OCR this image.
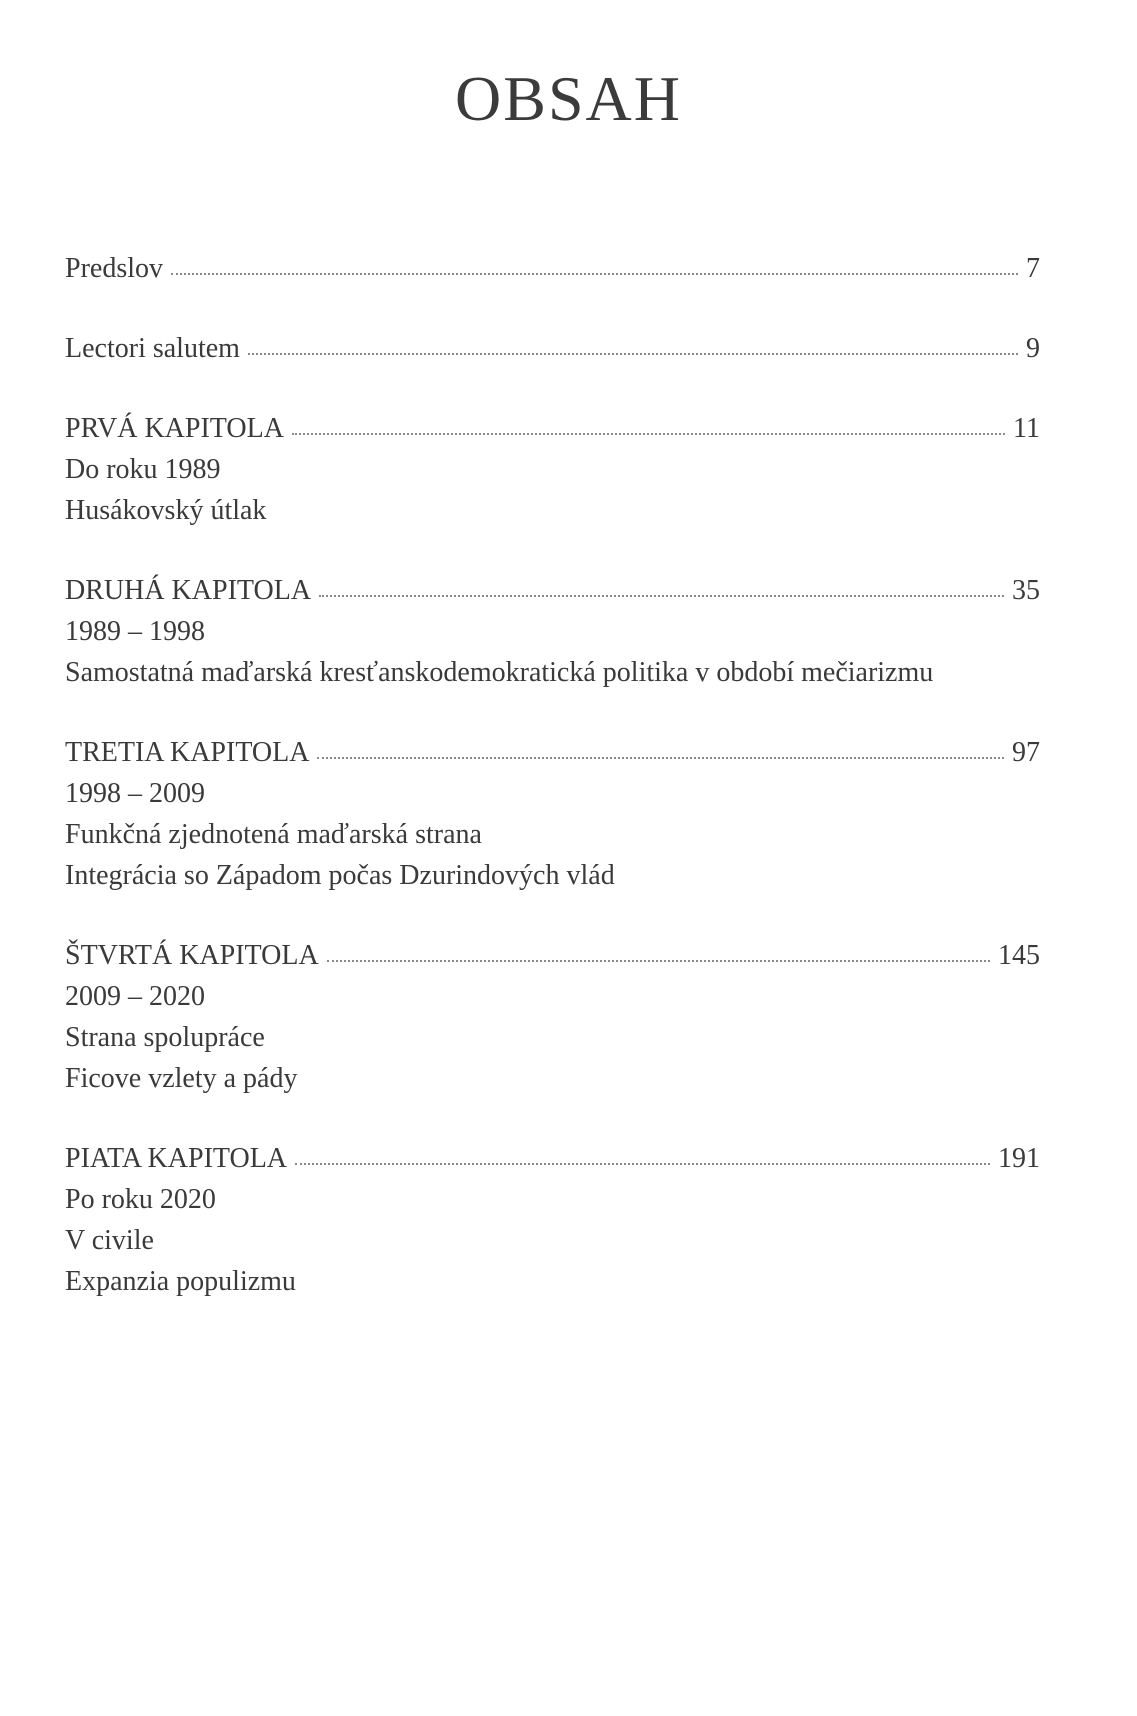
OBSAH
Predslov	7
Lectori salutem	9
PRVÁ KAPITOLA	11
Do roku 1989
Husákovský útlak
DRUHÁ KAPITOLA	35
1989 – 1998
Samostatná maďarská kresťanskodemokratická politika v období mečiarizmu
TRETIA KAPITOLA	97
1998 – 2009
Funkčná zjednotená maďarská strana
Integrácia so Západom počas Dzurindových vlád
ŠTVRTÁ KAPITOLA	145
2009 – 2020
Strana spolupráce
Ficove vzlety a pády
PIATA KAPITOLA	191
Po roku 2020
V civile
Expanzia populizmu
